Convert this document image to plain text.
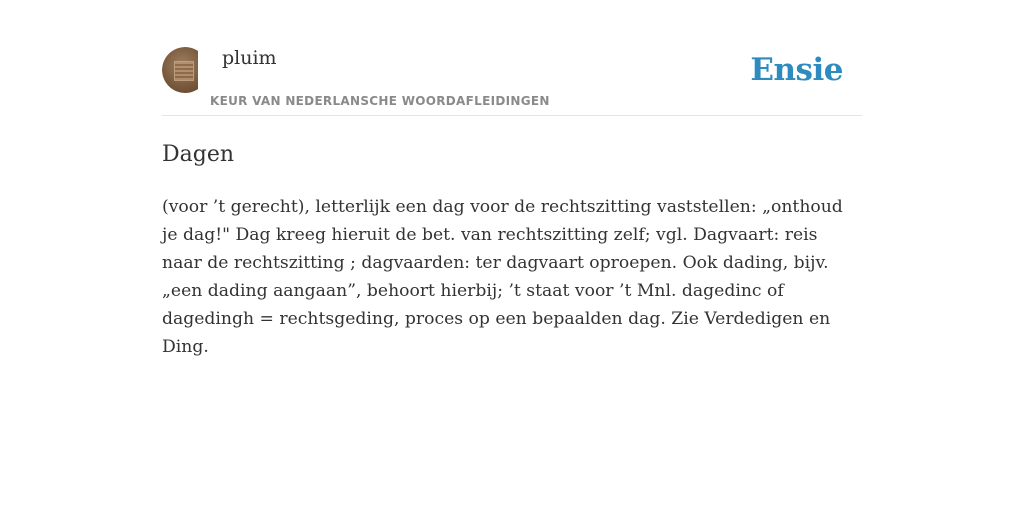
pluim
KEUR VAN NEDERLANSCHE WOORDAFLEIDINGEN
Ensie
Dagen

(voor ’t gerecht), letterlijk een dag voor de rechtszitting vaststellen: „onthoud je dag!" Dag kreeg hieruit de bet. van rechtszitting zelf; vgl. Dagvaart: reis naar de rechtszitting ; dagvaarden: ter dagvaart oproepen. Ook dading, bijv. „een dading aangaan”, behoort hierbij; ’t staat voor ’t Mnl. dagedinc of dagedingh = rechtsgeding, proces op een bepaalden dag. Zie Verdedigen en Ding.
